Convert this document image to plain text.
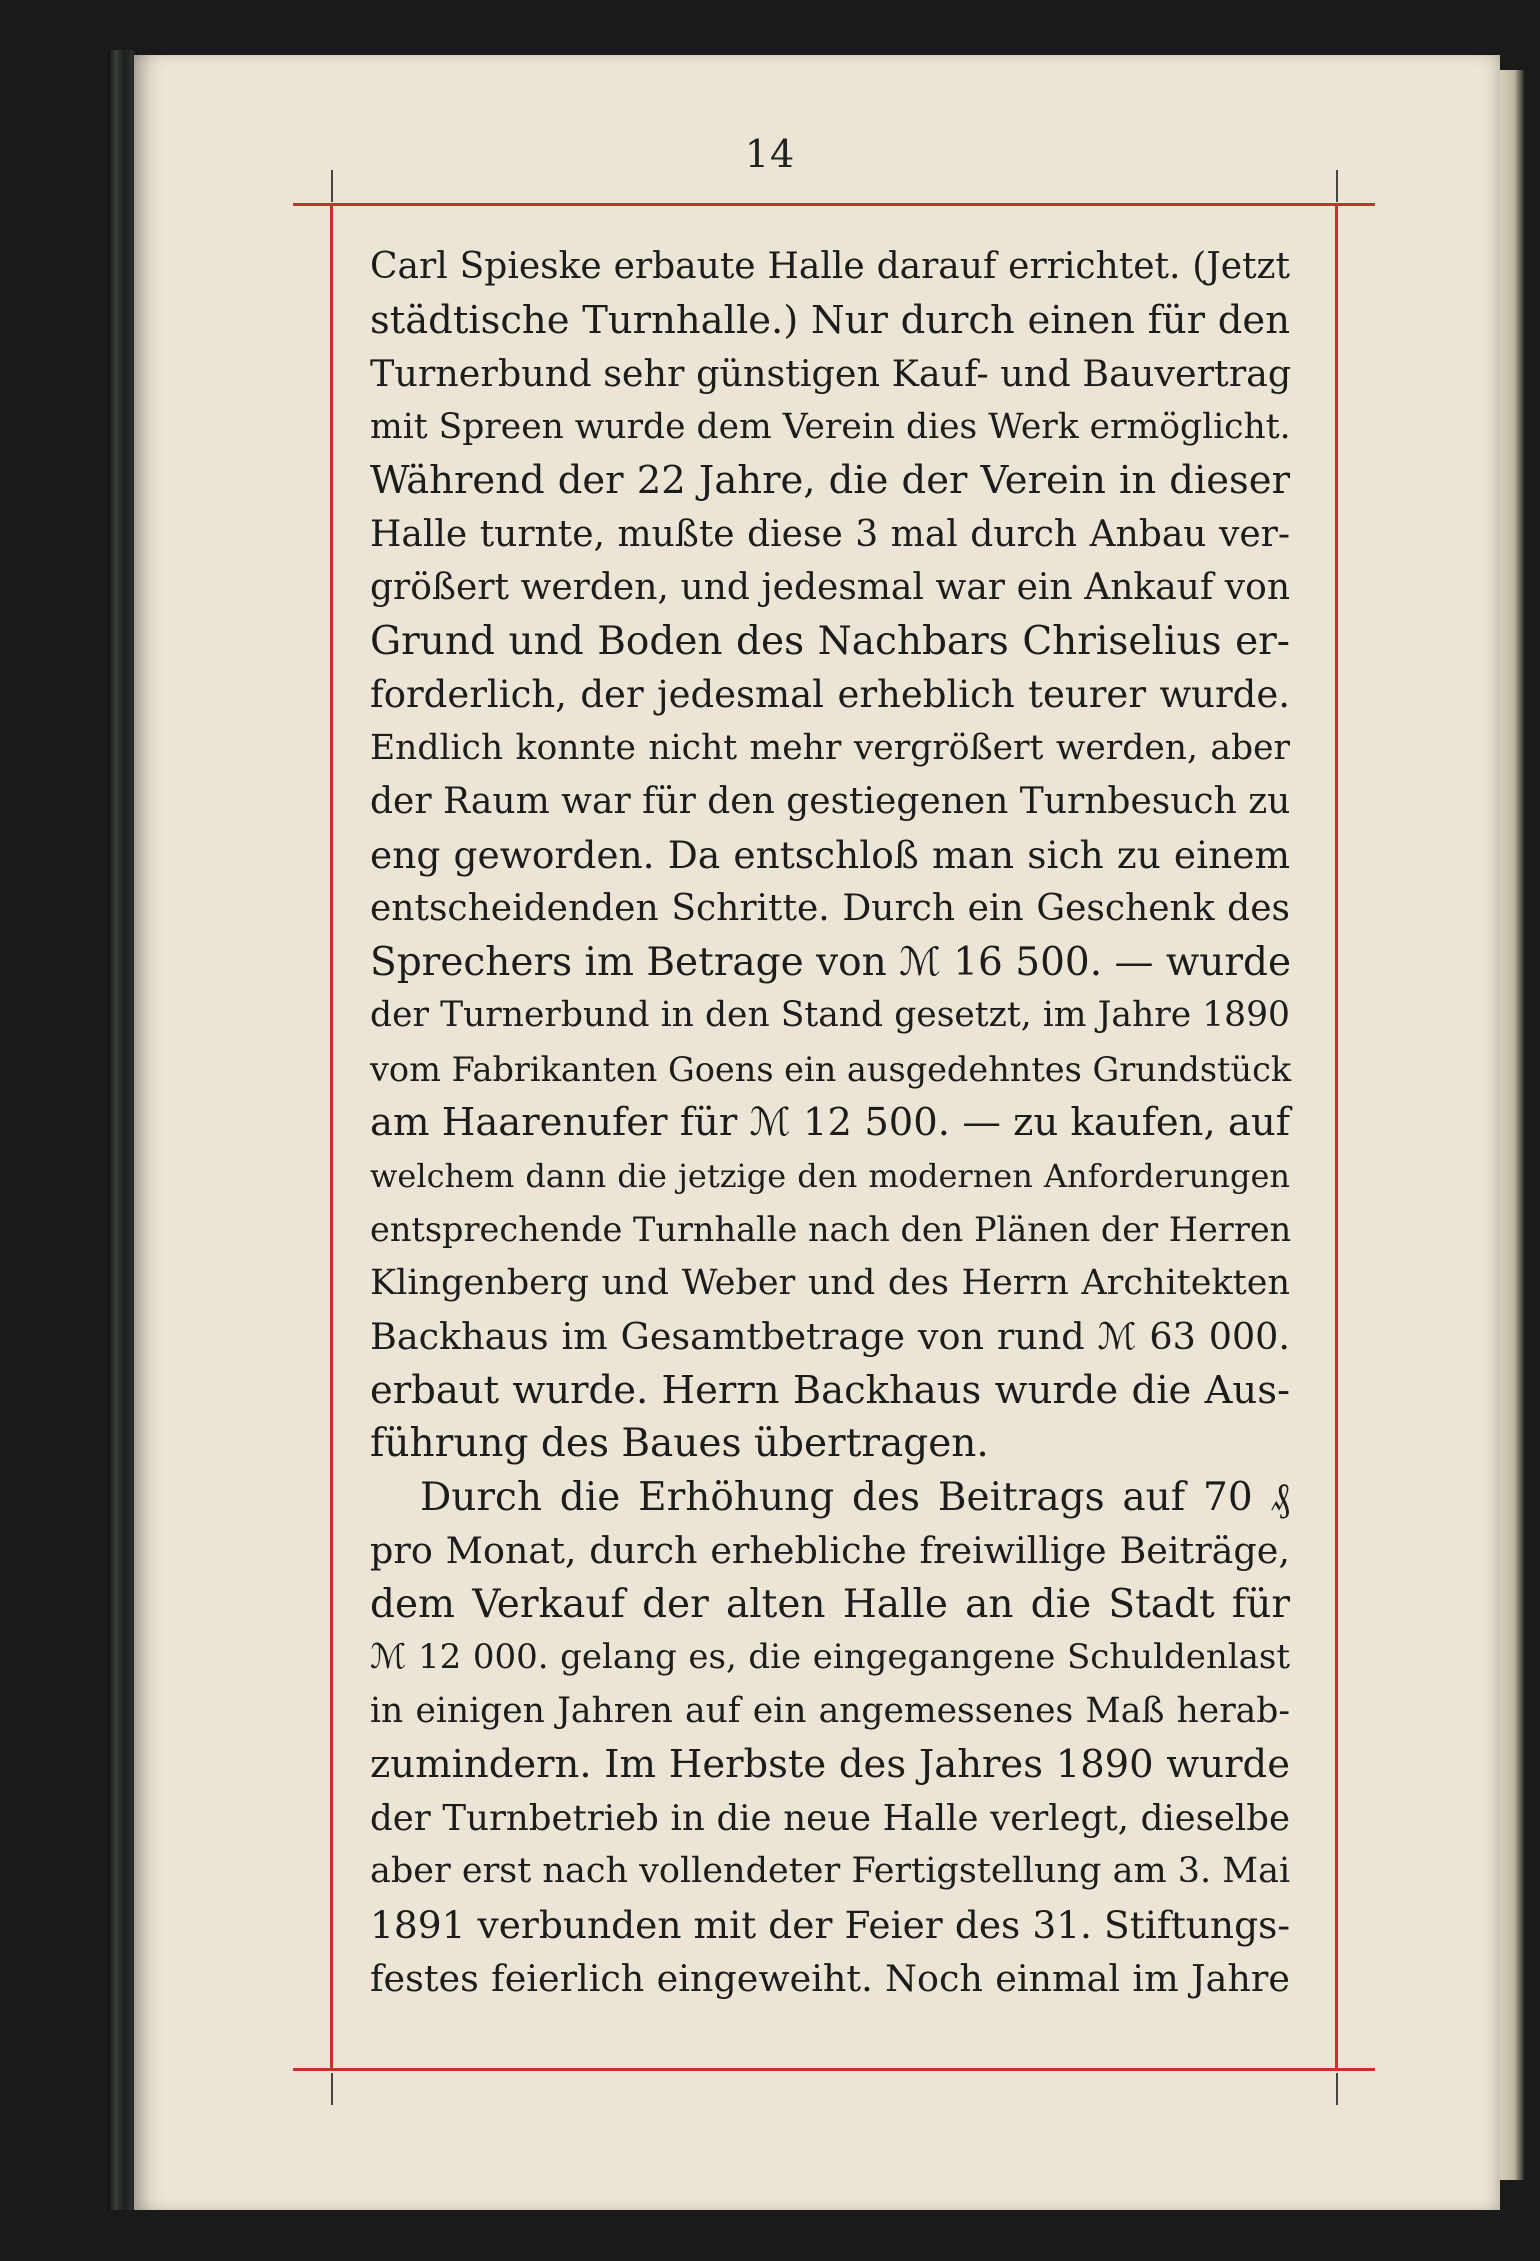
14
Carl Spieske erbaute Halle darauf errichtet. (Jetzt
städtische Turnhalle.) Nur durch einen für den
Turnerbund sehr günstigen Kauf- und Bauvertrag
mit Spreen wurde dem Verein dies Werk ermöglicht.
Während der 22 Jahre, die der Verein in dieser
Halle turnte, mußte diese 3 mal durch Anbau ver-
größert werden, und jedesmal war ein Ankauf von
Grund und Boden des Nachbars Chriselius er-
forderlich, der jedesmal erheblich teurer wurde.
Endlich konnte nicht mehr vergrößert werden, aber
der Raum war für den gestiegenen Turnbesuch zu
eng geworden. Da entschloß man sich zu einem
entscheidenden Schritte. Durch ein Geschenk des
Sprechers im Betrage von ℳ 16 500. — wurde
der Turnerbund in den Stand gesetzt, im Jahre 1890
vom Fabrikanten Goens ein ausgedehntes Grundstück
am Haarenufer für ℳ 12 500. — zu kaufen, auf
welchem dann die jetzige den modernen Anforderungen
entsprechende Turnhalle nach den Plänen der Herren
Klingenberg und Weber und des Herrn Architekten
Backhaus im Gesamtbetrage von rund ℳ 63 000.
erbaut wurde. Herrn Backhaus wurde die Aus-
führung des Baues übertragen.
Durch die Erhöhung des Beitrags auf 70 ₰
pro Monat, durch erhebliche freiwillige Beiträge,
dem Verkauf der alten Halle an die Stadt für
ℳ 12 000. gelang es, die eingegangene Schuldenlast
in einigen Jahren auf ein angemessenes Maß herab-
zumindern. Im Herbste des Jahres 1890 wurde
der Turnbetrieb in die neue Halle verlegt, dieselbe
aber erst nach vollendeter Fertigstellung am 3. Mai
1891 verbunden mit der Feier des 31. Stiftungs-
festes feierlich eingeweiht. Noch einmal im Jahre
